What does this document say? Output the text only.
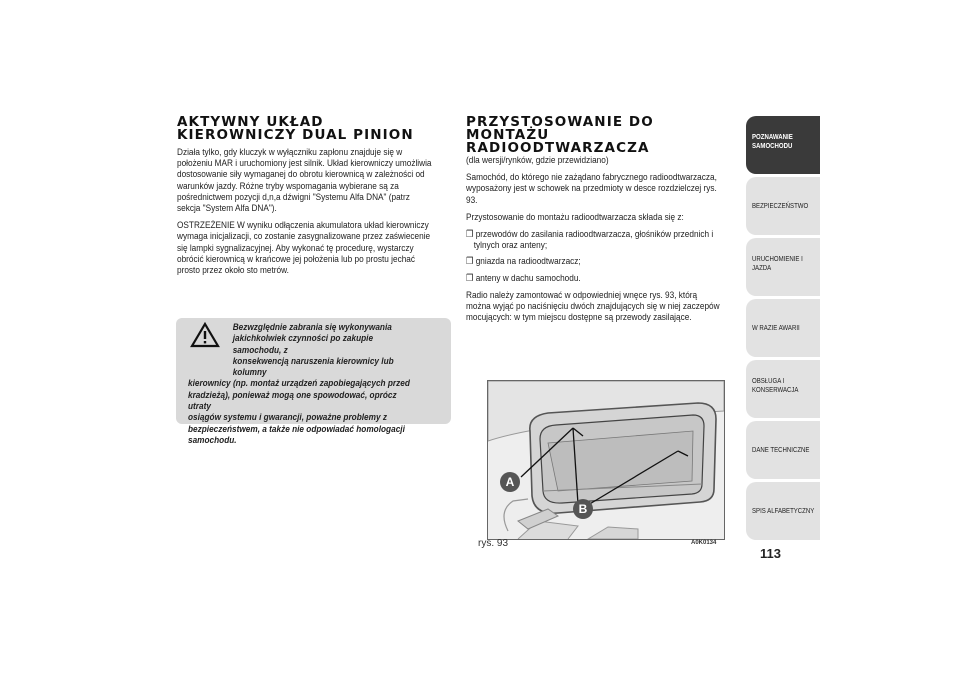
AKTYWNY UKŁAD
KIEROWNICZY DUAL PINION
Działa tylko, gdy kluczyk w wyłączniku zapłonu znajduje się w
położeniu MAR i uruchomiony jest silnik. Układ kierowniczy umożliwia
dostosowanie siły wymaganej do obrotu kierownicą w zależności od
warunków jazdy. Różne tryby wspomagania wybierane są za
pośrednictwem pozycji d,n,a dźwigni "Systemu Alfa DNA" (patrz
sekcja "System Alfa DNA").
OSTRZEŻENIE W wyniku odłączenia akumulatora układ kierowniczy
wymaga inicjalizacji, co zostanie zasygnalizowane przez zaświecenie
się lampki sygnalizacyjnej. Aby wykonać tę procedurę, wystarczy
obrócić kierownicą w krańcowe jej położenia lub po prostu jechać
prosto przez około sto metrów.
Bezwzględnie zabrania się wykonywania
jakichkolwiek czynności po zakupie samochodu, z
konsekwencją naruszenia kierownicy lub kolumny
kierownicy (np. montaż urządzeń zapobiegających przed
kradzieżą), ponieważ mogą one spowodować, oprócz utraty
osiągów systemu i gwarancji, poważne problemy z
bezpieczeństwem, a także nie odpowiadać homologacji
samochodu.
PRZYSTOSOWANIE DO
MONTAŻU
RADIOODTWARZACZA
(dla wersji/rynków, gdzie przewidziano)
Samochód, do którego nie zażądano fabrycznego radioodtwarzacza,
wyposażony jest w schowek na przedmioty w desce rozdzielczej rys.
93.
Przystosowanie do montażu radioodtwarzacza składa się z:
❒ przewodów do zasilania radioodtwarzacza, głośników przednich i
tylnych oraz anteny;
❒ gniazda na radioodtwarzacz;
❒ anteny w dachu samochodu.
Radio należy zamontować w odpowiedniej wnęce rys. 93, którą
można wyjąć po naciśnięciu dwóch znajdujących się w niej zaczepów
mocujących: w tym miejscu dostępne są przewody zasilające.
A
B
rys. 93	A0K0134
POZNAWANIE SAMOCHODU
BEZPIECZEŃSTWO
URUCHOMIENIE I JAZDA
W RAZIE AWARII
OBSŁUGA I KONSERWACJA
DANE TECHNICZNE
SPIS ALFABETYCZNY
113
